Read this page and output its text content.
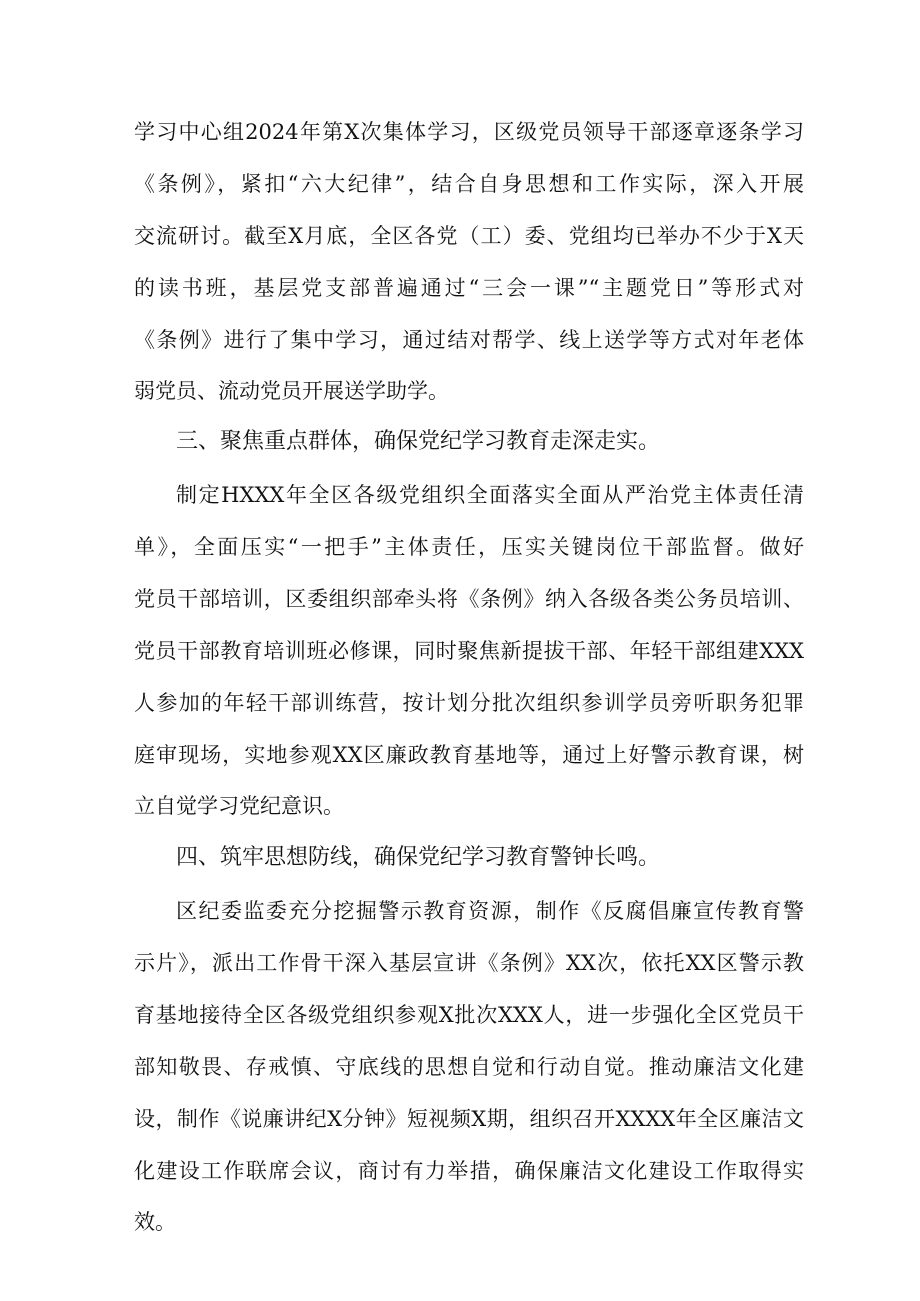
学习中心组2024年第X次集体学习，区级党员领导干部逐章逐条学习
《条例》，紧扣“六大纪律”，结合自身思想和工作实际，深入开展
交流研讨。截至X月底，全区各党（工）委、党组均已举办不少于X天
的读书班，基层党支部普遍通过“三会一课”“主题党日”等形式对
《条例》进行了集中学习，通过结对帮学、线上送学等方式对年老体
弱党员、流动党员开展送学助学。
三、聚焦重点群体，确保党纪学习教育走深走实。
制定HXXX年全区各级党组织全面落实全面从严治党主体责任清
单》，全面压实“一把手”主体责任，压实关键岗位干部监督。做好
党员干部培训，区委组织部牵头将《条例》纳入各级各类公务员培训、
党员干部教育培训班必修课，同时聚焦新提拔干部、年轻干部组建XXX
人参加的年轻干部训练营，按计划分批次组织参训学员旁听职务犯罪
庭审现场，实地参观XX区廉政教育基地等，通过上好警示教育课，树
立自觉学习党纪意识。
四、筑牢思想防线，确保党纪学习教育警钟长鸣。
区纪委监委充分挖掘警示教育资源，制作《反腐倡廉宣传教育警
示片》，派出工作骨干深入基层宣讲《条例》XX次，依托XX区警示教
育基地接待全区各级党组织参观X批次XXX人，进一步强化全区党员干
部知敬畏、存戒慎、守底线的思想自觉和行动自觉。推动廉洁文化建
设，制作《说廉讲纪X分钟》短视频X期，组织召开XXXX年全区廉洁文
化建设工作联席会议，商讨有力举措，确保廉洁文化建设工作取得实
效。
